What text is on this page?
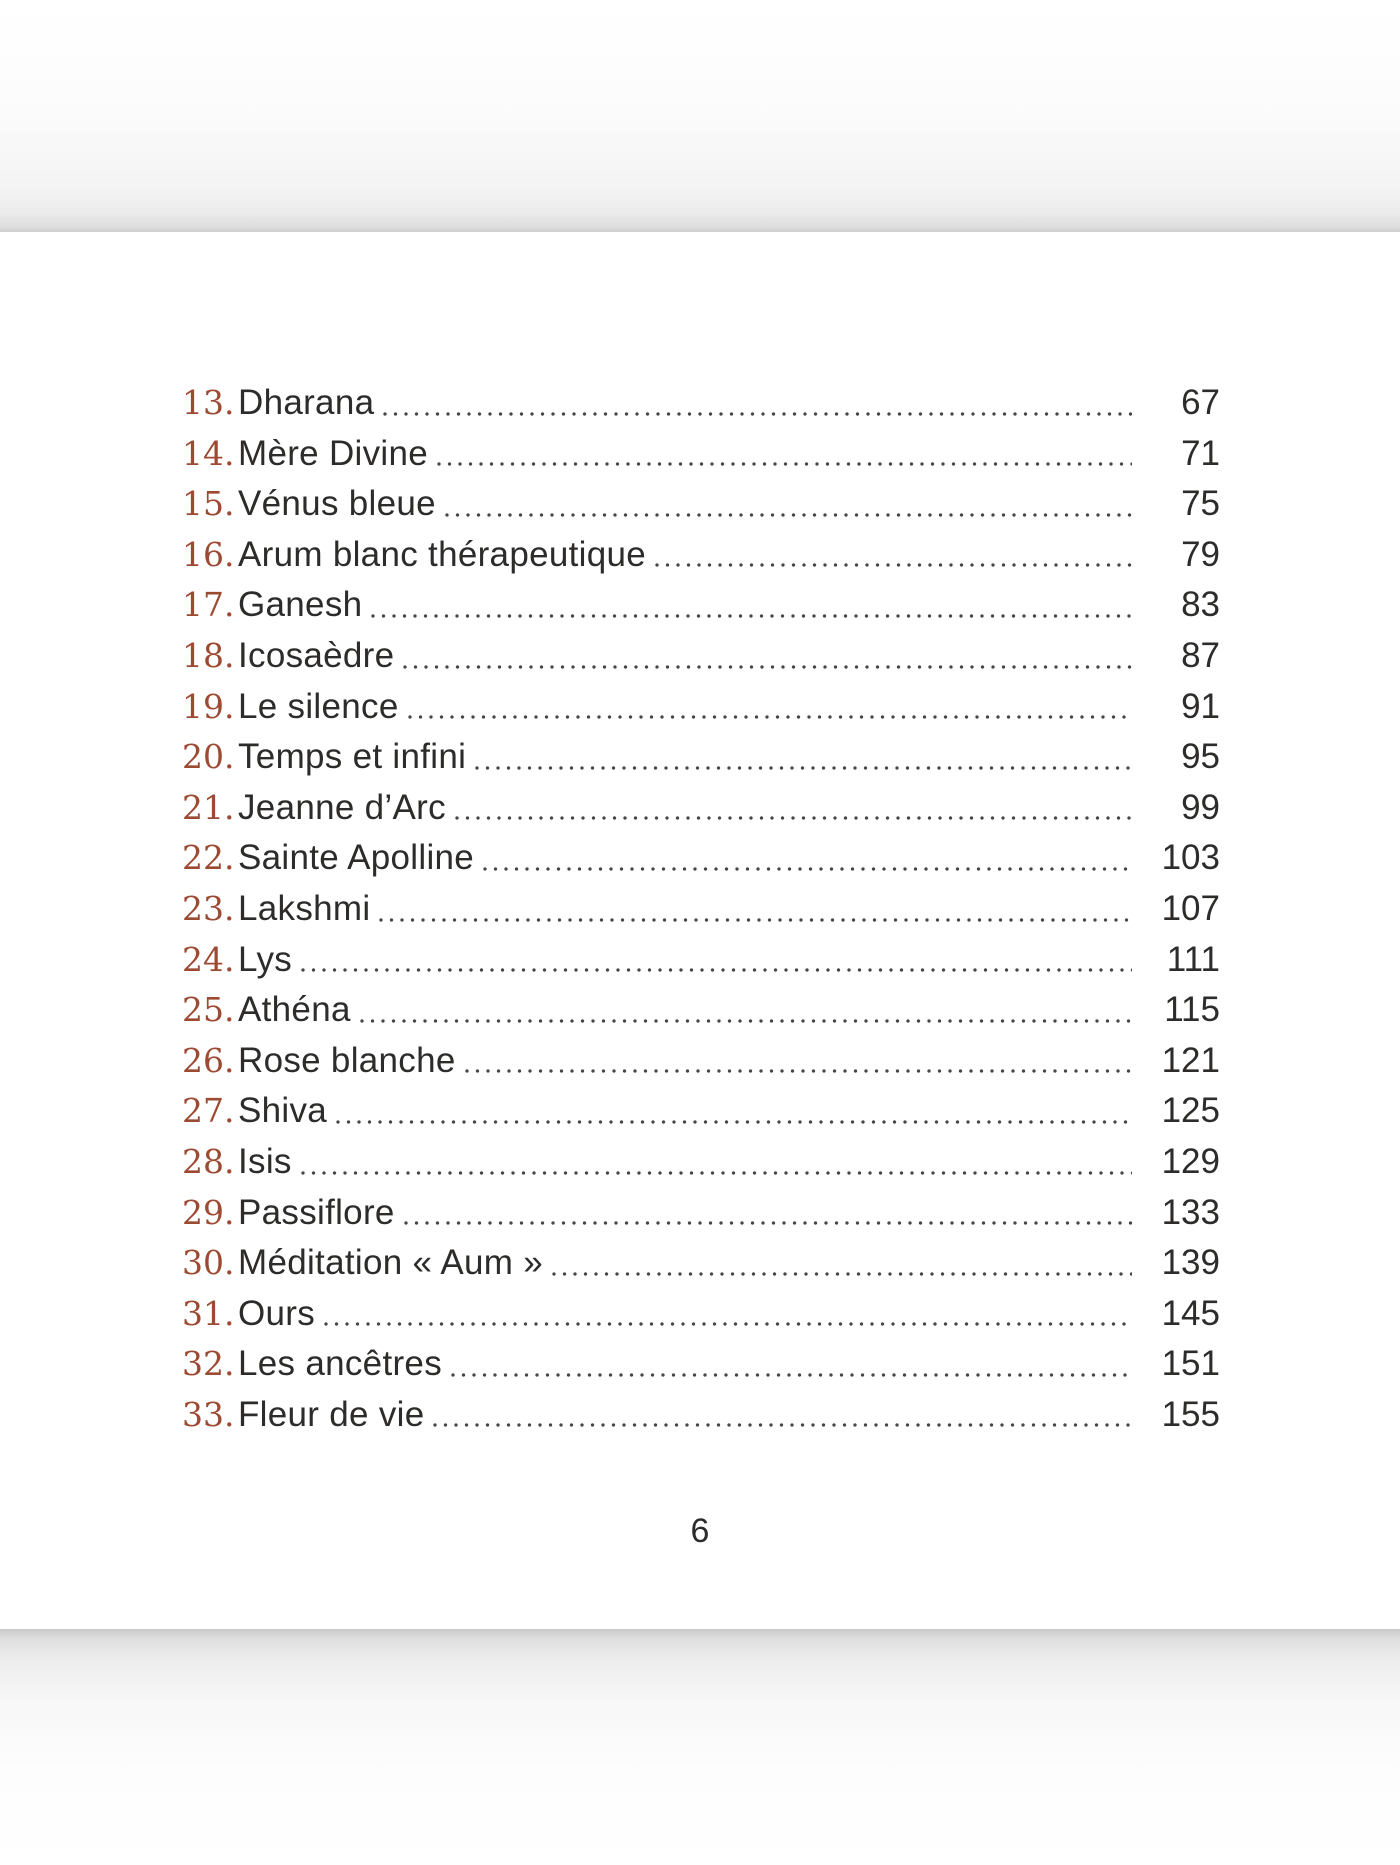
13. Dharana	67
14. Mère Divine	71
15. Vénus bleue	75
16. Arum blanc thérapeutique	79
17. Ganesh	83
18. Icosaèdre	87
19. Le silence	91
20. Temps et infini	95
21. Jeanne d’Arc	99
22. Sainte Apolline	103
23. Lakshmi	107
24. Lys	111
25. Athéna	115
26. Rose blanche	121
27. Shiva	125
28. Isis	129
29. Passiflore	133
30. Méditation « Aum »	139
31. Ours	145
32. Les ancêtres	151
33. Fleur de vie	155
6
